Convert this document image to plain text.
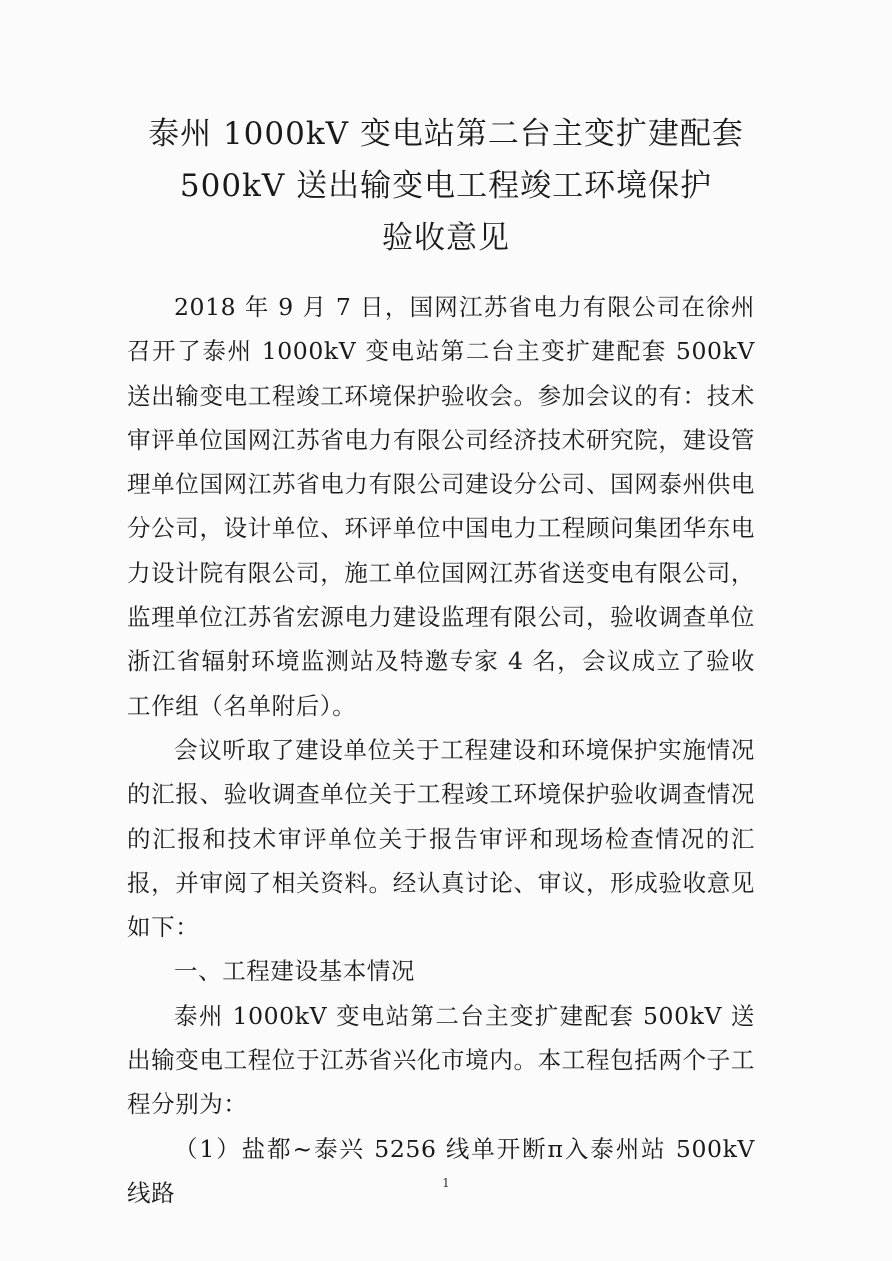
泰州 1000kV 变电站第二台主变扩建配套
500kV 送出输变电工程竣工环境保护
验收意见

2018 年 9 月 7 日，国网江苏省电力有限公司在徐州召开了泰州 1000kV 变电站第二台主变扩建配套 500kV 送出输变电工程竣工环境保护验收会。参加会议的有：技术审评单位国网江苏省电力有限公司经济技术研究院，建设管理单位国网江苏省电力有限公司建设分公司、国网泰州供电分公司，设计单位、环评单位中国电力工程顾问集团华东电力设计院有限公司，施工单位国网江苏省送变电有限公司，监理单位江苏省宏源电力建设监理有限公司，验收调查单位浙江省辐射环境监测站及特邀专家 4 名，会议成立了验收工作组（名单附后）。

会议听取了建设单位关于工程建设和环境保护实施情况的汇报、验收调查单位关于工程竣工环境保护验收调查情况的汇报和技术审评单位关于报告审评和现场检查情况的汇报，并审阅了相关资料。经认真讨论、审议，形成验收意见如下：

一、工程建设基本情况

泰州 1000kV 变电站第二台主变扩建配套 500kV 送出输变电工程位于江苏省兴化市境内。本工程包括两个子工程分别为：

（1）盐都~泰兴 5256 线单开断π入泰州站 500kV 线路	1
